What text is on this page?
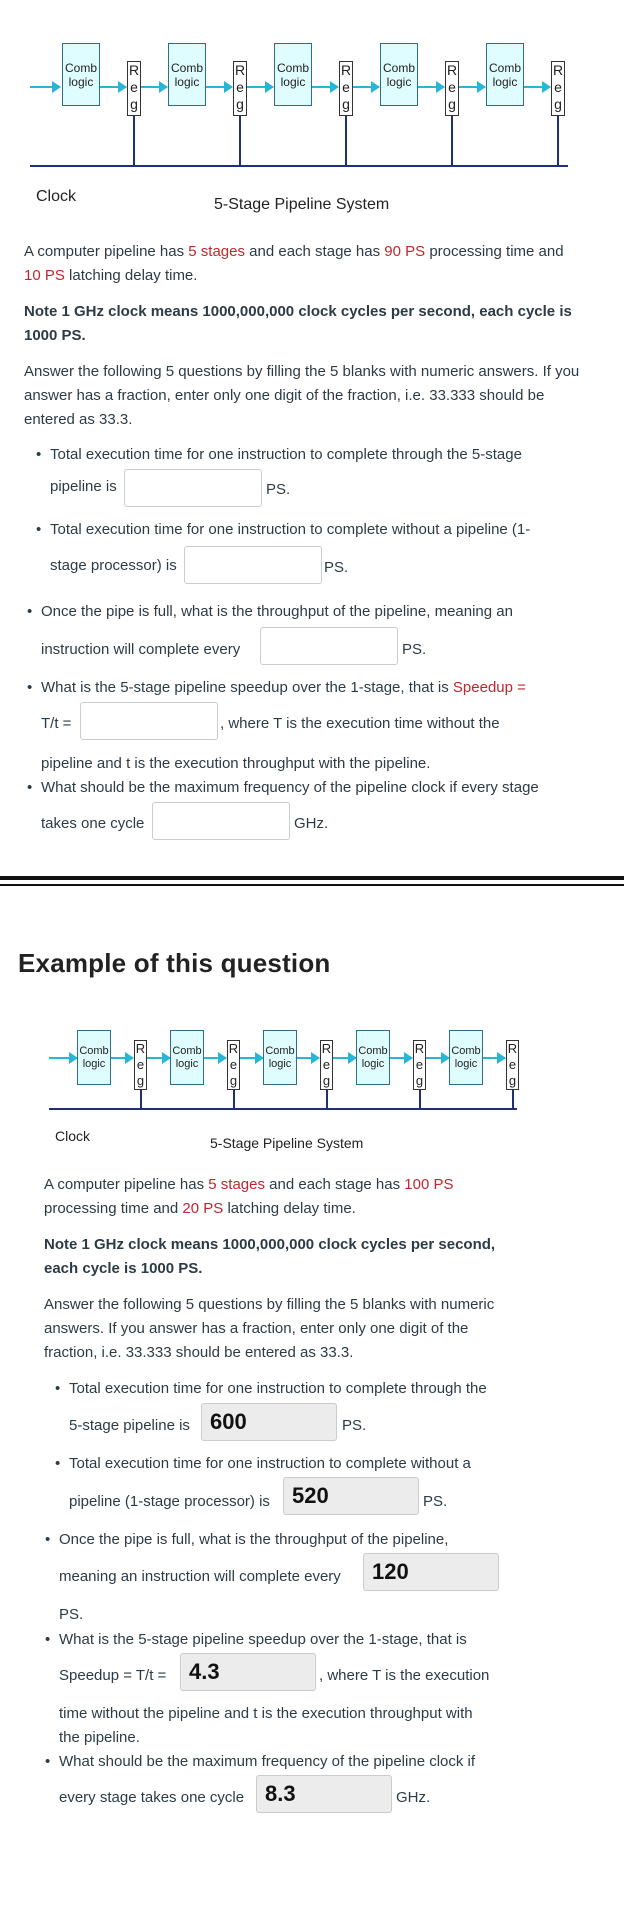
Comb
logic
R
e
g
Comb
logic
R
e
g
Comb
logic
R
e
g
Comb
logic
R
e
g
Comb
logic
R
e
g
Clock	5-Stage Pipeline System
A computer pipeline has 5 stages and each stage has 90 PS processing time and 10 PS latching delay time.
Note 1 GHz clock means 1000,000,000 clock cycles per second, each cycle is 1000 PS.
Answer the following 5 questions by filling the 5 blanks with numeric answers. If you answer has a fraction, enter only one digit of the fraction, i.e. 33.333 should be entered as 33.3.
• Total execution time for one instruction to complete through the 5-stage
pipeline is	PS.
• Total execution time for one instruction to complete without a pipeline (1-
stage processor) is	PS.
• Once the pipe is full, what is the throughput of the pipeline, meaning an
instruction will complete every	PS.
• What is the 5-stage pipeline speedup over the 1-stage, that is Speedup =
T/t =	, where T is the execution time without the
pipeline and t is the execution throughput with the pipeline.
• What should be the maximum frequency of the pipeline clock if every stage
takes one cycle	GHz.
Example of this question
Comb
logic
R
e
g
Comb
logic
R
e
g
Comb
logic
R
e
g
Comb
logic
R
e
g
Comb
logic
R
e
g
Clock	5-Stage Pipeline System
A computer pipeline has 5 stages and each stage has 100 PS
processing time and 20 PS latching delay time.
Note 1 GHz clock means 1000,000,000 clock cycles per second,
each cycle is 1000 PS.
Answer the following 5 questions by filling the 5 blanks with numeric
answers. If you answer has a fraction, enter only one digit of the
fraction, i.e. 33.333 should be entered as 33.3.
• Total execution time for one instruction to complete through the
5-stage pipeline is 600	PS.
• Total execution time for one instruction to complete without a
pipeline (1-stage processor) is	520	PS.
• Once the pipe is full, what is the throughput of the pipeline,
meaning an instruction will complete every	120
PS.
• What is the 5-stage pipeline speedup over the 1-stage, that is
Speedup = T/t =	4.3	, where T is the execution
time without the pipeline and t is the execution throughput with
the pipeline.
• What should be the maximum frequency of the pipeline clock if
every stage takes one cycle 8.3	GHz.
